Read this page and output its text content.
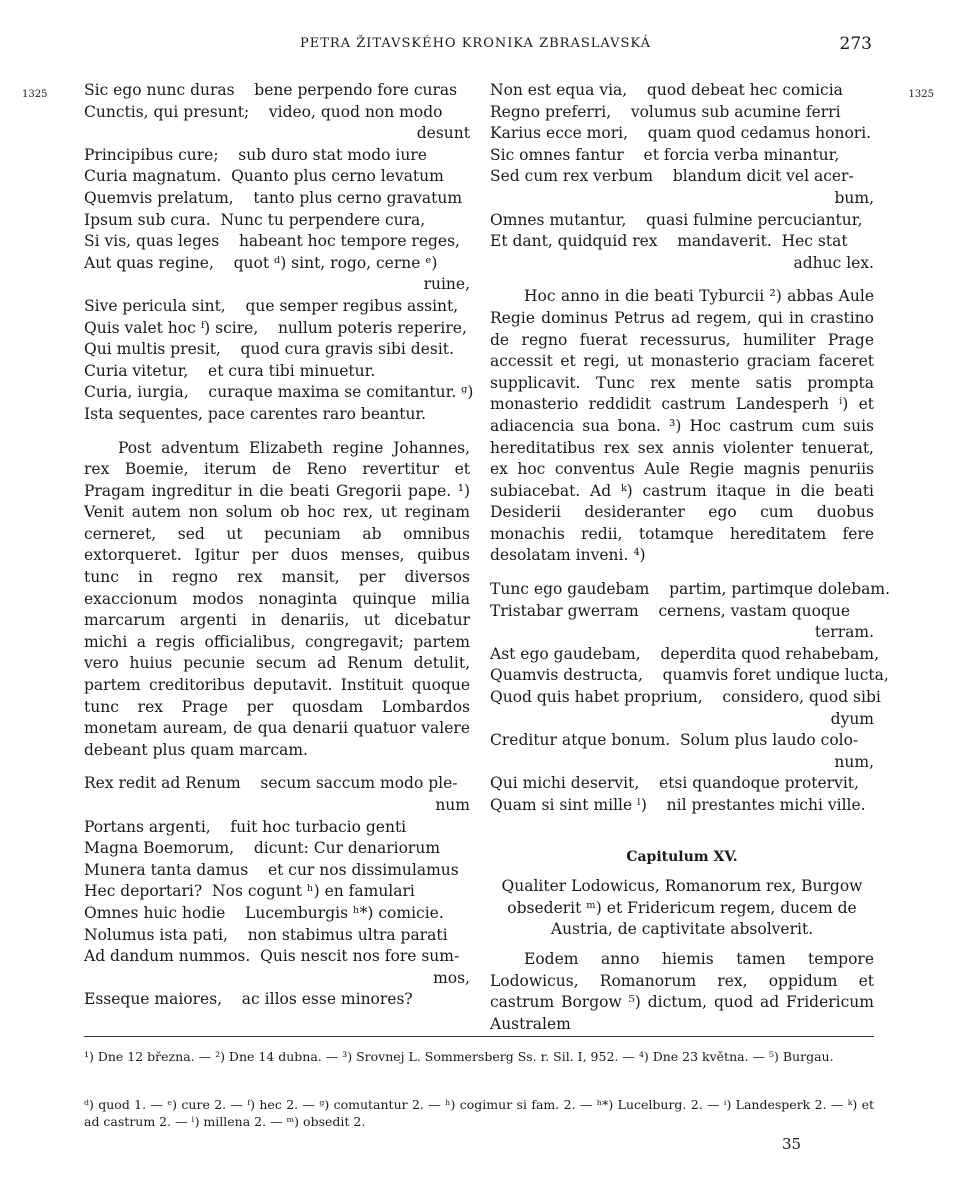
PETRA ŽITAVSKÉHO KRONIKA ZBRASLAVSKÁ	273
1325 Sic ego nunc duras    bene perpendo fore curas
Cunctis, qui presunt;    video, quod non modo
desunt
Principibus cure;    sub duro stat modo iure
Curia magnatum.  Quanto plus cerno levatum
Quemvis prelatum,    tanto plus cerno gravatum
Ipsum sub cura.  Nunc tu perpendere cura,
Si vis, quas leges    habeant hoc tempore reges,
Aut quas regine,    quot ᵈ) sint, rogo, cerne ᵉ)
ruine,
Sive pericula sint,    que semper regibus assint,
Quis valet hoc ᶠ) scire,    nullum poteris reperire,
Qui multis presit,    quod cura gravis sibi desit.
Curia vitetur,    et cura tibi minuetur.
Curia, iurgia,    curaque maxima se comitantur. ᵍ)
Ista sequentes, pace carentes raro beantur.

Post adventum Elizabeth regine Johannes, rex Boemie, iterum de Reno revertitur et Pragam ingreditur in die beati Gregorii pape. ¹) Venit autem non solum ob hoc rex, ut reginam cerneret, sed ut pecuniam ab omnibus extorqueret. Igitur per duos menses, quibus tunc in regno rex mansit, per diversos exaccionum modos nonaginta quinque milia marcarum argenti in denariis, ut dicebatur michi a regis officialibus, congregavit; partem vero huius pecunie secum ad Renum detulit, partem creditoribus deputavit. Instituit quoque tunc rex Prage per quosdam Lombardos monetam auream, de qua denarii quatuor valere debeant plus quam marcam.

Rex redit ad Renum    secum saccum modo ple-
num
Portans argenti,    fuit hoc turbacio genti
Magna Boemorum,    dicunt: Cur denariorum
Munera tanta damus    et cur nos dissimulamus
Hec deportari?  Nos cogunt ʰ) en famulari
Omnes huic hodie    Lucemburgis ʰ*) comicie.
Nolumus ista pati,    non stabimus ultra parati
Ad dandum nummos.  Quis nescit nos fore sum-
mos,
Esseque maiores,    ac illos esse minores?
1325
Non est equa via,    quod debeat hec comicia
Regno preferri,    volumus sub acumine ferri
Karius ecce mori,    quam quod cedamus honori.
Sic omnes fantur    et forcia verba minantur,
Sed cum rex verbum    blandum dicit vel acer-
bum,
Omnes mutantur,    quasi fulmine percuciantur,
Et dant, quidquid rex    mandaverit.  Hec stat
adhuc lex.

Hoc anno in die beati Tyburcii ²) abbas Aule Regie dominus Petrus ad regem, qui in crastino de regno fuerat recessurus, humiliter Prage accessit et regi, ut monasterio graciam faceret supplicavit. Tunc rex mente satis prompta monasterio reddidit castrum Landesperh ⁱ) et adiacencia sua bona. ³) Hoc castrum cum suis hereditatibus rex sex annis violenter tenuerat, ex hoc conventus Aule Regie magnis penuriis subiacebat. Ad ᵏ) castrum itaque in die beati Desiderii desideranter ego cum duobus monachis redii, totamque hereditatem fere desolatam inveni. ⁴)

Tunc ego gaudebam    partim, partimque dolebam.
Tristabar gwerram    cernens, vastam quoque
terram.
Ast ego gaudebam,    deperdita quod rehabebam,
Quamvis destructa,    quamvis foret undique lucta,
Quod quis habet proprium,    considero, quod sibi
dyum
Creditur atque bonum.  Solum plus laudo colo-
num,
Qui michi deservit,    etsi quandoque protervit,
Quam si sint mille ˡ)    nil prestantes michi ville.
Capitulum XV.
Qualiter Lodowicus, Romanorum rex, Burgow obsederit ᵐ) et Fridericum regem, ducem de Austria, de captivitate absolverit.

Eodem anno hiemis tamen tempore Lodowicus, Romanorum rex, oppidum et castrum Borgow ⁵) dictum, quod ad Fridericum Australem

¹) Dne 12 března. — ²) Dne 14 dubna. — ³) Srovnej L. Sommersberg Ss. r. Sil. I, 952. — ⁴) Dne 23 května. — ⁵) Burgau.
ᵈ) quod 1. — ᵉ) cure 2. — ᶠ) hec 2. — ᵍ) comutantur 2. — ʰ) cogimur si fam. 2. — ʰ*) Lucelburg. 2. — ⁱ) Landesperk 2. — ᵏ) et ad castrum 2. — ˡ) millena 2. — ᵐ) obsedit 2.
35
